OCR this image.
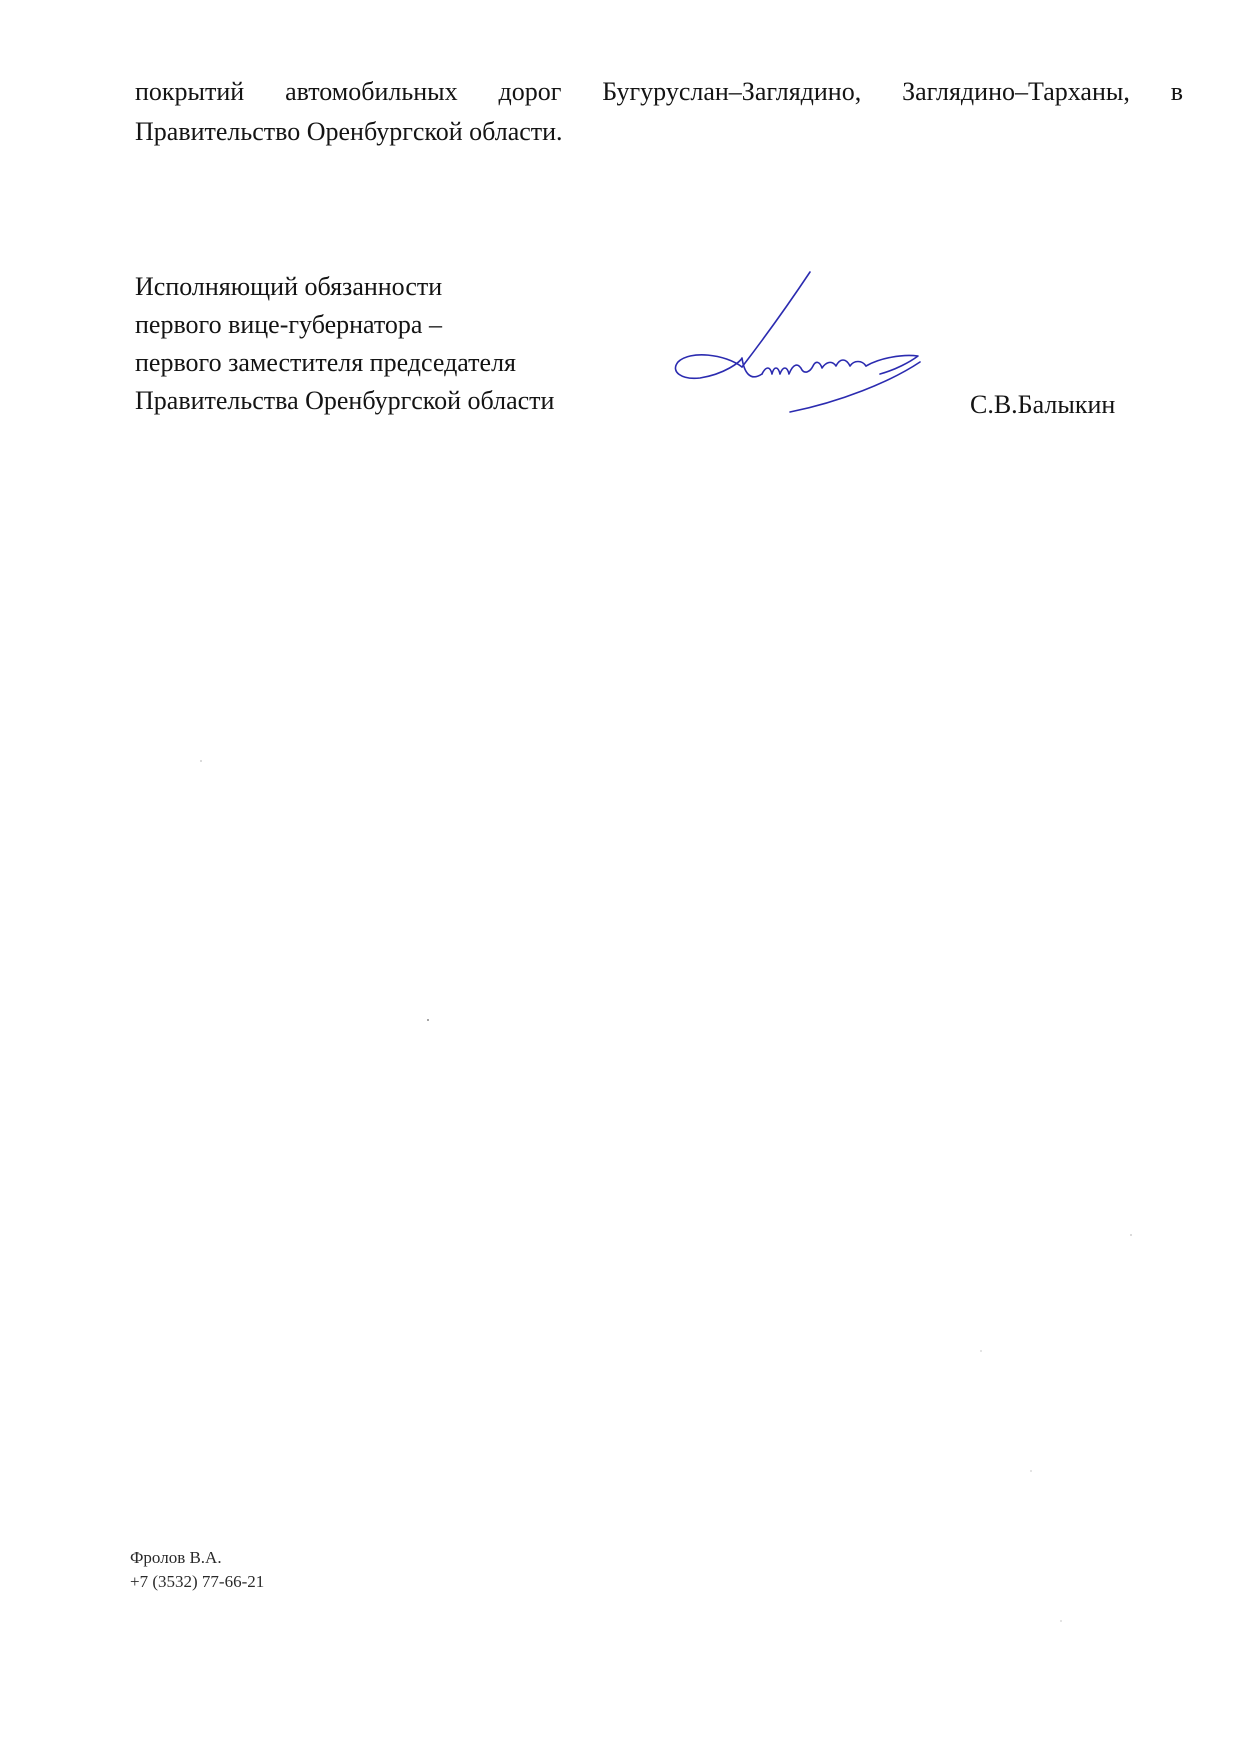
покрытий автомобильных дорог Бугуруслан–Заглядино, Заглядино–Тарханы, в
Правительство Оренбургской области.
Исполняющий обязанности
первого вице-губернатора –
первого заместителя председателя
Правительства Оренбургской области	С.В.Балыкин
Фролов В.А.
+7 (3532) 77-66-21
